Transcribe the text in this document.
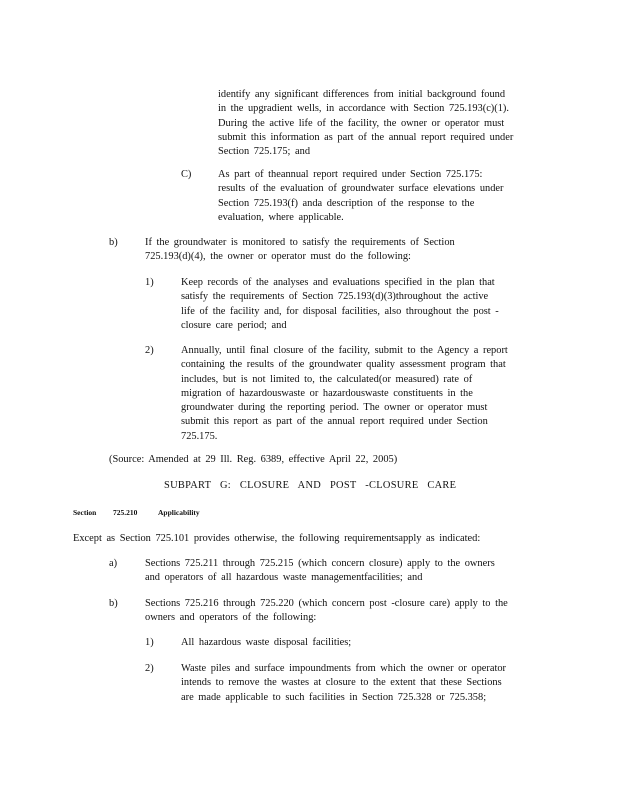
identify any significant differences from initial background found
in the upgradient wells, in accordance with Section 725.193(c)(1).
During the active life of the facility, the owner or operator must
submit this information as part of the annual report required under
Section 725.175; and
C)	As part of theannual report required under Section 725.175:
results of the evaluation of groundwater surface elevations under
Section 725.193(f) anda description of the response to the
evaluation, where applicable.
b)	If the groundwater is monitored to satisfy the requirements of Section
725.193(d)(4), the owner or operator must do the following:
1)	Keep records of the analyses and evaluations specified in the plan that
satisfy the requirements of Section 725.193(d)(3)throughout the active
life of the facility and, for disposal facilities, also throughout the post -
closure care period; and
2)	Annually, until final closure of the facility, submit to the Agency a report
containing the results of the groundwater quality assessment program that
includes, but is not limited to, the calculated(or measured) rate of
migration of hazardouswaste or hazardouswaste constituents in the
groundwater during the reporting period. The owner or operator must
submit this report as part of the annual report required under Section
725.175.
(Source: Amended at 29 Ill. Reg. 6389, effective April 22, 2005)
SUBPART G: CLOSURE AND POST -CLOSURE CARE
Section 725.210	Applicability
Except as Section 725.101 provides otherwise, the following requirementsapply as indicated:
a)	Sections 725.211 through 725.215 (which concern closure) apply to the owners
and operators of all hazardous waste managementfacilities; and
b)	Sections 725.216 through 725.220 (which concern post -closure care) apply to the
owners and operators of the following:
1)	All hazardous waste disposal facilities;
2)	Waste piles and surface impoundments from which the owner or operator
intends to remove the wastes at closure to the extent that these Sections
are made applicable to such facilities in Section 725.328 or 725.358;
